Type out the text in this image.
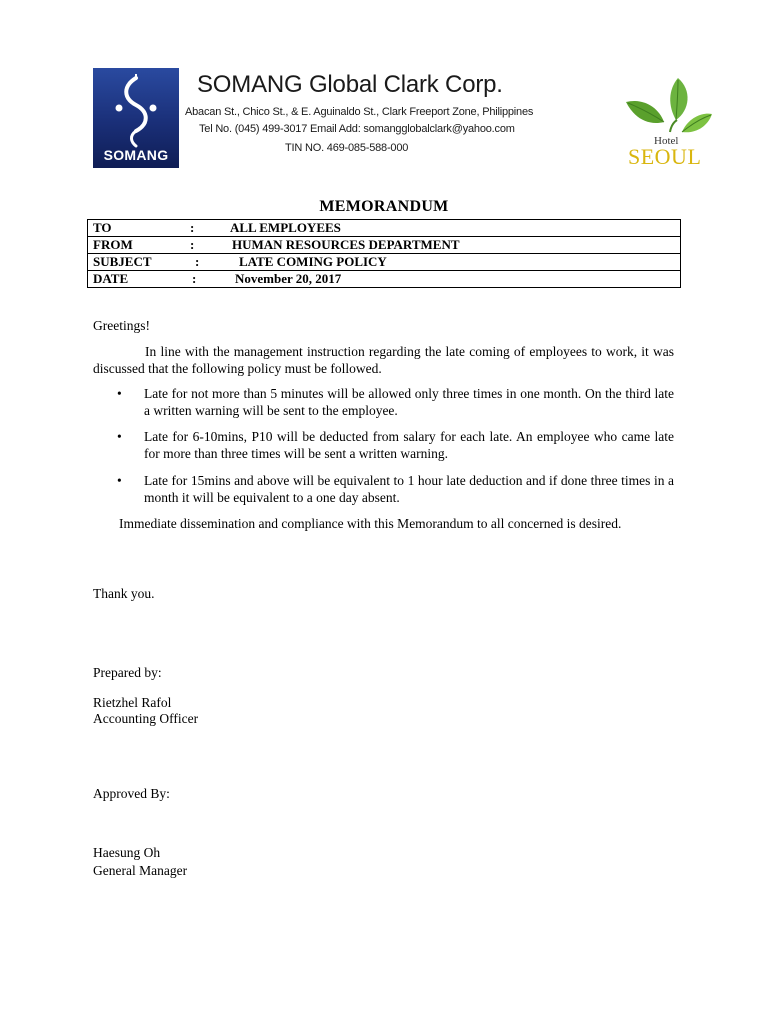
SOMANG
SOMANG Global Clark Corp.
Abacan St., Chico St., & E. Aguinaldo St., Clark Freeport Zone, Philippines
Tel No. (045) 499-3017 Email Add: somangglobalclark@yahoo.com
TIN NO. 469-085-588-000
Hotel
SEOUL
MEMORANDUM
TO	:	ALL EMPLOYEES

FROM	:	HUMAN RESOURCES DEPARTMENT

SUBJECT	:	LATE COMING POLICY

DATE	:	November 20, 2017
Greetings!
In line with the management instruction regarding the late coming of employees to work, it was discussed that the following policy must be followed.
• Late for not more than 5 minutes will be allowed only three times in one month. On the third late a written warning will be sent to the employee.
• Late for 6-10mins, P10 will be deducted from salary for each late. An employee who came late for more than three times will be sent a written warning.
• Late for 15mins and above will be equivalent to 1 hour late deduction and if done three times in a month it will be equivalent to a one day absent.
Immediate dissemination and compliance with this Memorandum to all concerned is desired.
Thank you.
Prepared by:
Rietzhel Rafol
Accounting Officer
Approved By:
Haesung Oh
General Manager
